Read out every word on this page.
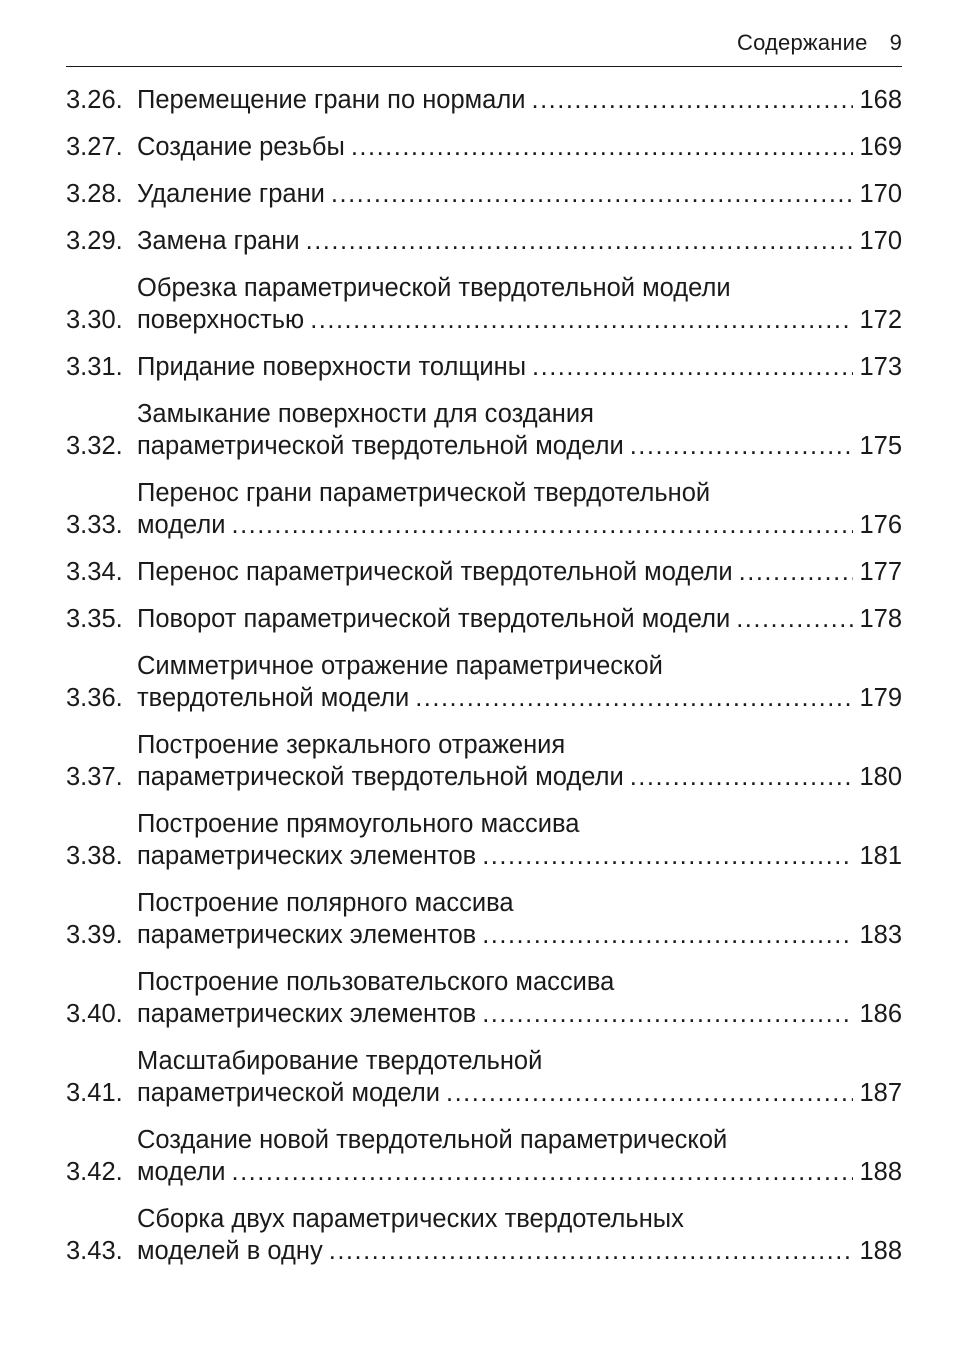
Содержание 9
3.26. Перемещение грани по нормали .....	168
3.27. Создание резьбы .....	169
3.28. Удаление грани .....	170
3.29. Замена грани .....	170
3.30.
Обрезка параметрической твердотельной модели
поверхностью .....	172
3.31. Придание поверхности толщины .....	173
3.32.
Замыкание поверхности для создания
параметрической твердотельной модели .....	175
3.33.
Перенос грани параметрической твердотельной
модели .....	176
3.34. Перенос параметрической твердотельной модели .....	177
3.35. Поворот параметрической твердотельной модели .....	178
3.36.
Симметричное отражение параметрической
твердотельной модели .....	179
3.37.
Построение зеркального отражения
параметрической твердотельной модели .....	180
3.38.
Построение прямоугольного массива
параметрических элементов .....	181
3.39.
Построение полярного массива
параметрических элементов .....	183
3.40.
Построение пользовательского массива
параметрических элементов .....	186
3.41.
Масштабирование твердотельной
параметрической модели .....	187
3.42.
Создание новой твердотельной параметрической
модели .....	188
3.43.
Сборка двух параметрических твердотельных
моделей в одну .....	188
